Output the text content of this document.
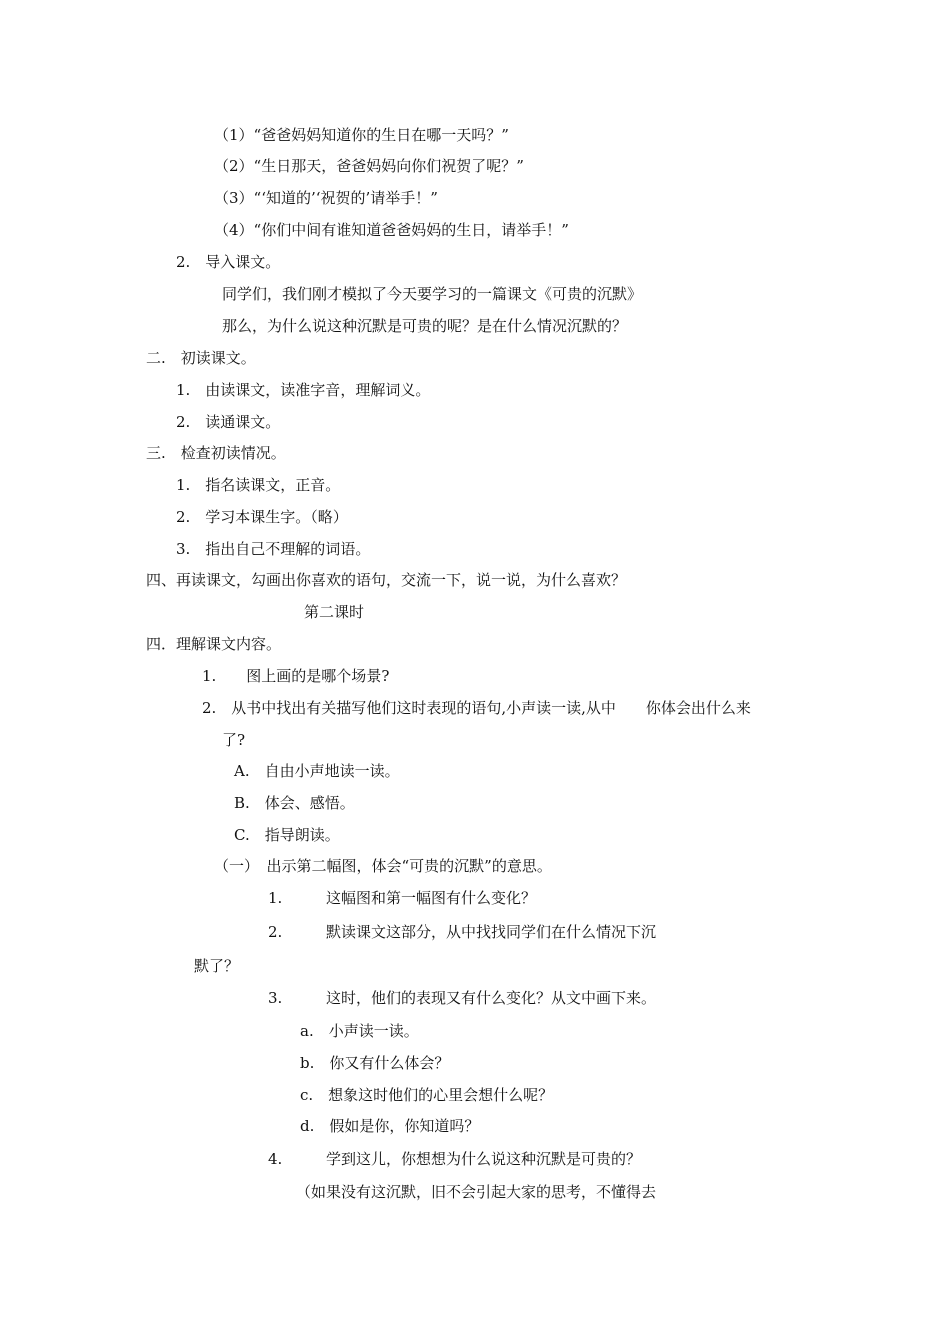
（1）“爸爸妈妈知道你的生日在哪一天吗？”
（2）“生日那天，爸爸妈妈向你们祝贺了呢？”
（3）“‘知道的’‘祝贺的’请举手！”
（4）“你们中间有谁知道爸爸妈妈的生日，请举手！”
2.　导入课文。
同学们，我们刚才模拟了今天要学习的一篇课文《可贵的沉默》
那么，为什么说这种沉默是可贵的呢？是在什么情况沉默的？
二.　初读课文。
1.　由读课文，读准字音，理解词义。
2.　读通课文。
三.　检查初读情况。
1.　指名读课文，正音。
2.　学习本课生字。（略）
3.　指出自己不理解的词语。
四、再读课文，勾画出你喜欢的语句，交流一下，说一说，为什么喜欢？
第二课时
四．理解课文内容。
1.　　图上画的是哪个场景?
2.　从书中找出有关描写他们这时表现的语句,小声读一读,从中　　你体会出什么来
了?
A.　自由小声地读一读。
B.　体会、感悟。
C.　指导朗读。
（一）　出示第二幅图，体会“可贵的沉默”的意思。
1.	这幅图和第一幅图有什么变化？
2.	默读课文这部分，从中找找同学们在什么情况下沉
默了？
3.	这时，他们的表现又有什么变化？从文中画下来。
a.　小声读一读。
b.　你又有什么体会？
c.　想象这时他们的心里会想什么呢？
d.　假如是你，你知道吗？
4.	学到这儿，你想想为什么说这种沉默是可贵的？
（如果没有这沉默，旧不会引起大家的思考，不懂得去
